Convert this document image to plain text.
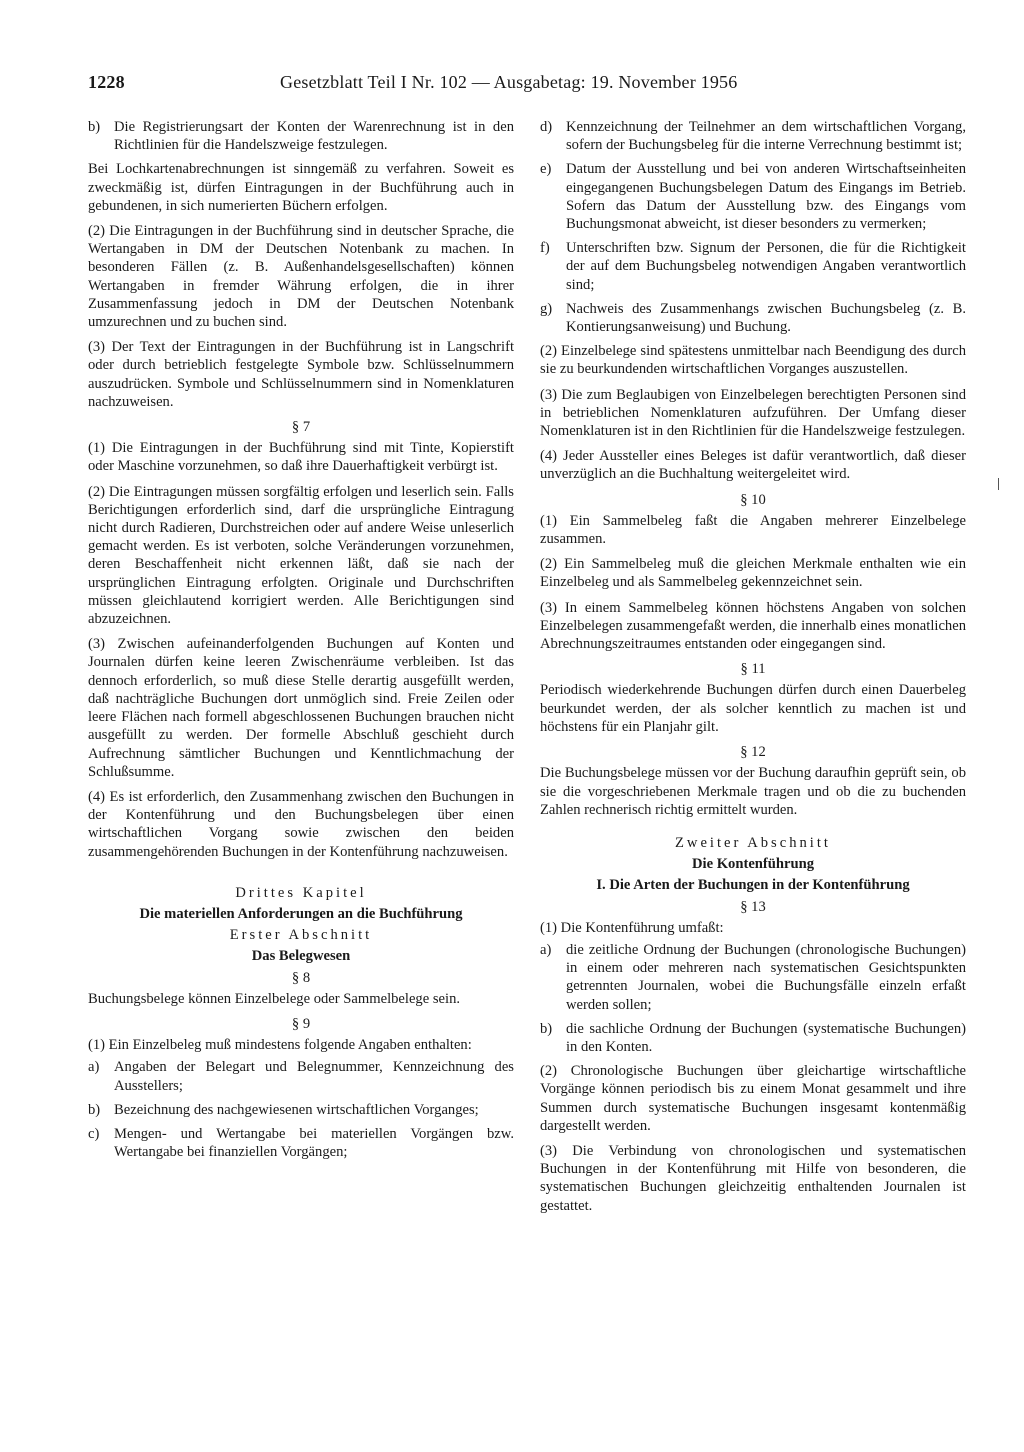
1228	Gesetzblatt Teil I Nr. 102 — Ausgabetag: 19. November 1956
b) Die Registrierungsart der Konten der Warenrechnung ist in den Richtlinien für die Handelszweige festzulegen.

Bei Lochkartenabrechnungen ist sinngemäß zu verfahren. Soweit es zweckmäßig ist, dürfen Eintragungen in der Buchführung auch in gebundenen, in sich numerierten Büchern erfolgen.

(2) Die Eintragungen in der Buchführung sind in deutscher Sprache, die Wertangaben in DM der Deutschen Notenbank zu machen. In besonderen Fällen (z. B. Außenhandelsgesellschaften) können Wertangaben in fremder Währung erfolgen, die in ihrer Zusammenfassung jedoch in DM der Deutschen Notenbank umzurechnen und zu buchen sind.

(3) Der Text der Eintragungen in der Buchführung ist in Langschrift oder durch betrieblich festgelegte Symbole bzw. Schlüsselnummern auszudrücken. Symbole und Schlüsselnummern sind in Nomenklaturen nachzuweisen.

§ 7

(1) Die Eintragungen in der Buchführung sind mit Tinte, Kopierstift oder Maschine vorzunehmen, so daß ihre Dauerhaftigkeit verbürgt ist.

(2) Die Eintragungen müssen sorgfältig erfolgen und leserlich sein. Falls Berichtigungen erforderlich sind, darf die ursprüngliche Eintragung nicht durch Radieren, Durchstreichen oder auf andere Weise unleserlich gemacht werden. Es ist verboten, solche Veränderungen vorzunehmen, deren Beschaffenheit nicht erkennen läßt, daß sie nach der ursprünglichen Eintragung erfolgten. Originale und Durchschriften müssen gleichlautend korrigiert werden. Alle Berichtigungen sind abzuzeichnen.

(3) Zwischen aufeinanderfolgenden Buchungen auf Konten und Journalen dürfen keine leeren Zwischenräume verbleiben. Ist das dennoch erforderlich, so muß diese Stelle derartig ausgefüllt werden, daß nachträgliche Buchungen dort unmöglich sind. Freie Zeilen oder leere Flächen nach formell abgeschlossenen Buchungen brauchen nicht ausgefüllt zu werden. Der formelle Abschluß geschieht durch Aufrechnung sämtlicher Buchungen und Kenntlichmachung der Schlußsumme.

(4) Es ist erforderlich, den Zusammenhang zwischen den Buchungen in der Kontenführung und den Buchungsbelegen über einen wirtschaftlichen Vorgang sowie zwischen den beiden zusammengehörenden Buchungen in der Kontenführung nachzuweisen.

Drittes Kapitel
Die materiellen Anforderungen an die Buchführung
Erster Abschnitt
Das Belegwesen
§ 8

Buchungsbelege können Einzelbelege oder Sammelbelege sein.

§ 9

(1) Ein Einzelbeleg muß mindestens folgende Angaben enthalten:

a)	Angaben der Belegart und Belegnummer, Kennzeichnung des Ausstellers;
b) Bezeichnung des nachgewiesenen wirtschaftlichen Vorganges;
c)	Mengen- und Wertangabe bei materiellen Vorgängen bzw. Wertangabe bei finanziellen Vorgängen;
d) Kennzeichnung der Teilnehmer an dem wirtschaftlichen Vorgang, sofern der Buchungsbeleg für die interne Verrechnung bestimmt ist;
e)	Datum der Ausstellung und bei von anderen Wirtschaftseinheiten eingegangenen Buchungsbelegen Datum des Eingangs im Betrieb. Sofern das Datum der Ausstellung bzw. des Eingangs vom Buchungsmonat abweicht, ist dieser besonders zu vermerken;
f)	Unterschriften bzw. Signum der Personen, die für die Richtigkeit der auf dem Buchungsbeleg notwendigen Angaben verantwortlich sind;
g) Nachweis des Zusammenhangs zwischen Buchungsbeleg (z. B. Kontierungsanweisung) und Buchung.

(2) Einzelbelege sind spätestens unmittelbar nach Beendigung des durch sie zu beurkundenden wirtschaftlichen Vorganges auszustellen.

(3) Die zum Beglaubigen von Einzelbelegen berechtigten Personen sind in betrieblichen Nomenklaturen aufzuführen. Der Umfang dieser Nomenklaturen ist in den Richtlinien für die Handelszweige festzulegen.

(4) Jeder Aussteller eines Beleges ist dafür verantwortlich, daß dieser unverzüglich an die Buchhaltung weitergeleitet wird.

§ 10

(1) Ein Sammelbeleg faßt die Angaben mehrerer Einzelbelege zusammen.

(2) Ein Sammelbeleg muß die gleichen Merkmale enthalten wie ein Einzelbeleg und als Sammelbeleg gekennzeichnet sein.

(3) In einem Sammelbeleg können höchstens Angaben von solchen Einzelbelegen zusammengefaßt werden, die innerhalb eines monatlichen Abrechnungszeitraumes entstanden oder eingegangen sind.

§ 11

Periodisch wiederkehrende Buchungen dürfen durch einen Dauerbeleg beurkundet werden, der als solcher kenntlich zu machen ist und höchstens für ein Planjahr gilt.

§ 12

Die Buchungsbelege müssen vor der Buchung daraufhin geprüft sein, ob sie die vorgeschriebenen Merkmale tragen und ob die zu buchenden Zahlen rechnerisch richtig ermittelt wurden.

Zweiter Abschnitt
Die Kontenführung
I. Die Arten der Buchungen in der Kontenführung
§ 13

(1) Die Kontenführung umfaßt:

a)	die zeitliche Ordnung der Buchungen (chronologische Buchungen) in einem oder mehreren nach systematischen Gesichtspunkten getrennten Journalen, wobei die Buchungsfälle einzeln erfaßt werden sollen;
b) die sachliche Ordnung der Buchungen (systematische Buchungen) in den Konten.

(2) Chronologische Buchungen über gleichartige wirtschaftliche Vorgänge können periodisch bis zu einem Monat gesammelt und ihre Summen durch systematische Buchungen insgesamt kontenmäßig dargestellt werden.

(3) Die Verbindung von chronologischen und systematischen Buchungen in der Kontenführung mit Hilfe von besonderen, die systematischen Buchungen gleichzeitig enthaltenden Journalen ist gestattet.
